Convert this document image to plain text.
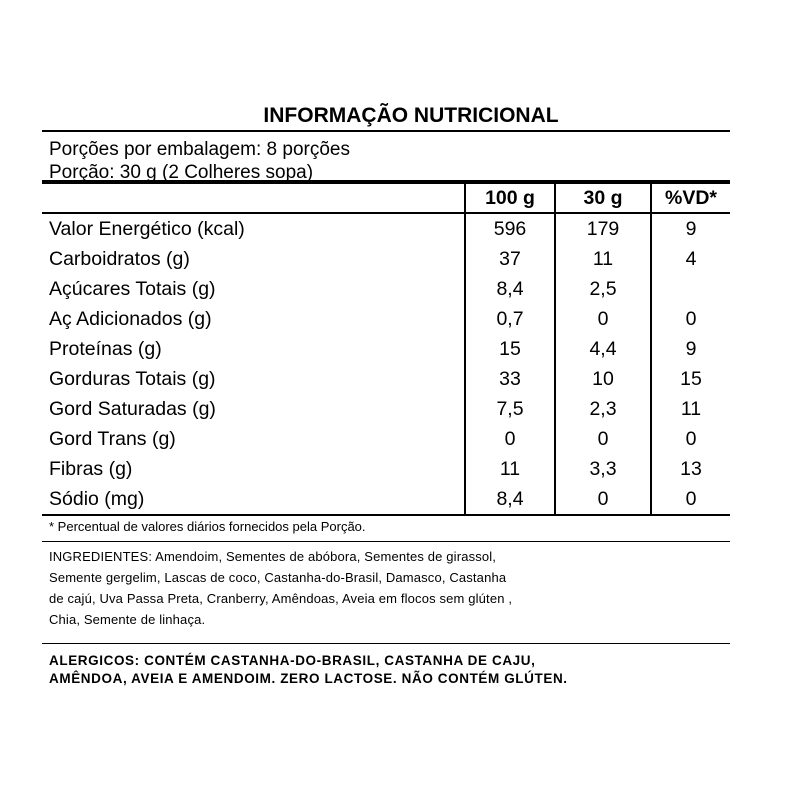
INFORMAÇÃO NUTRICIONAL
Porções por embalagem: 8 porções
Porção: 30 g (2 Colheres sopa)
	100 g	30 g	%VD*
Valor Energético (kcal)	596	179	9
Carboidratos (g)	37	11	4
Açúcares Totais (g)	8,4	2,5	
Aç Adicionados (g)	0,7	0	0
Proteínas (g)	15	4,4	9
Gorduras Totais (g)	33	10	15
Gord Saturadas (g)	7,5	2,3	11
Gord Trans (g)	0	0	0
Fibras (g)	11	3,3	13
Sódio (mg)	8,4	0	0
* Percentual de valores diários fornecidos pela Porção.
INGREDIENTES: Amendoim, Sementes de abóbora, Sementes de girassol,
Semente gergelim, Lascas de coco, Castanha-do-Brasil, Damasco, Castanha
de cajú, Uva Passa Preta, Cranberry, Amêndoas, Aveia em flocos sem glúten ,
Chia, Semente de linhaça.
ALERGICOS: CONTÉM CASTANHA-DO-BRASIL, CASTANHA DE CAJU,
AMÊNDOA, AVEIA E AMENDOIM. ZERO LACTOSE. NÃO CONTÉM GLÚTEN.
